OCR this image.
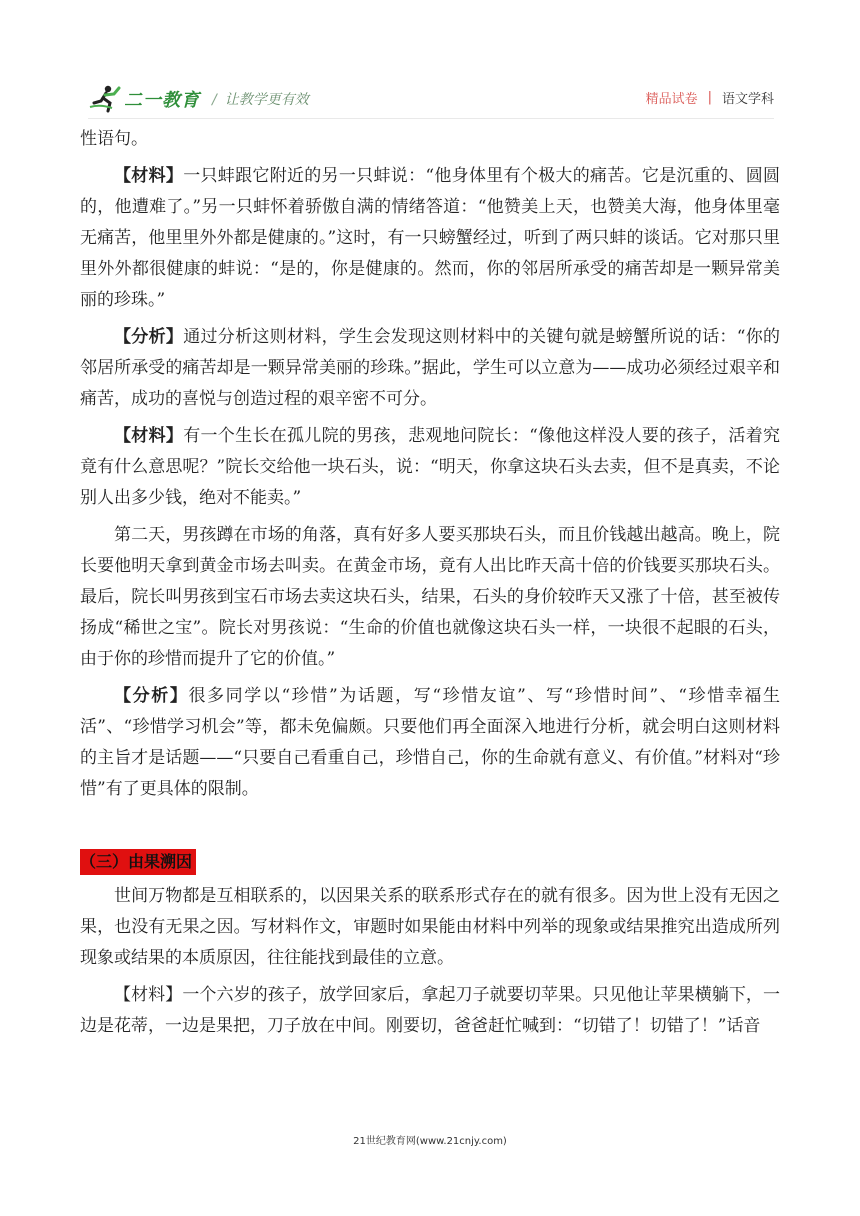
二一教育 / 让教学更有效	精品试卷 | 语文学科

性语句。

【材料】一只蚌跟它附近的另一只蚌说：“他身体里有个极大的痛苦。它是沉重的、圆圆的，他遭难了。”另一只蚌怀着骄傲自满的情绪答道：“他赞美上天，也赞美大海，他身体里毫无痛苦，他里里外外都是健康的。”这时，有一只螃蟹经过，听到了两只蚌的谈话。它对那只里里外外都很健康的蚌说：“是的，你是健康的。然而，你的邻居所承受的痛苦却是一颗异常美丽的珍珠。”

【分析】通过分析这则材料，学生会发现这则材料中的关键句就是螃蟹所说的话：“你的邻居所承受的痛苦却是一颗异常美丽的珍珠。”据此，学生可以立意为——成功必须经过艰辛和痛苦，成功的喜悦与创造过程的艰辛密不可分。

【材料】有一个生长在孤儿院的男孩，悲观地问院长：“像他这样没人要的孩子，活着究竟有什么意思呢？”院长交给他一块石头，说：“明天，你拿这块石头去卖，但不是真卖，不论别人出多少钱，绝对不能卖。”

第二天，男孩蹲在市场的角落，真有好多人要买那块石头，而且价钱越出越高。晚上，院长要他明天拿到黄金市场去叫卖。在黄金市场，竟有人出比昨天高十倍的价钱要买那块石头。最后，院长叫男孩到宝石市场去卖这块石头，结果，石头的身价较昨天又涨了十倍，甚至被传扬成“稀世之宝”。院长对男孩说：“生命的价值也就像这块石头一样，一块很不起眼的石头，由于你的珍惜而提升了它的价值。”

【分析】很多同学以“珍惜”为话题，写“珍惜友谊”、写“珍惜时间”、“珍惜幸福生活”、“珍惜学习机会”等，都未免偏颇。只要他们再全面深入地进行分析，就会明白这则材料的主旨才是话题——“只要自己看重自己，珍惜自己，你的生命就有意义、有价值。”材料对“珍惜”有了更具体的限制。

（三）由果溯因

世间万物都是互相联系的，以因果关系的联系形式存在的就有很多。因为世上没有无因之果，也没有无果之因。写材料作文，审题时如果能由材料中列举的现象或结果推究出造成所列现象或结果的本质原因，往往能找到最佳的立意。

【材料】一个六岁的孩子，放学回家后，拿起刀子就要切苹果。只见他让苹果横躺下，一边是花蒂，一边是果把，刀子放在中间。刚要切，爸爸赶忙喊到：“切错了！切错了！”话音

21世纪教育网(www.21cnjy.com)
